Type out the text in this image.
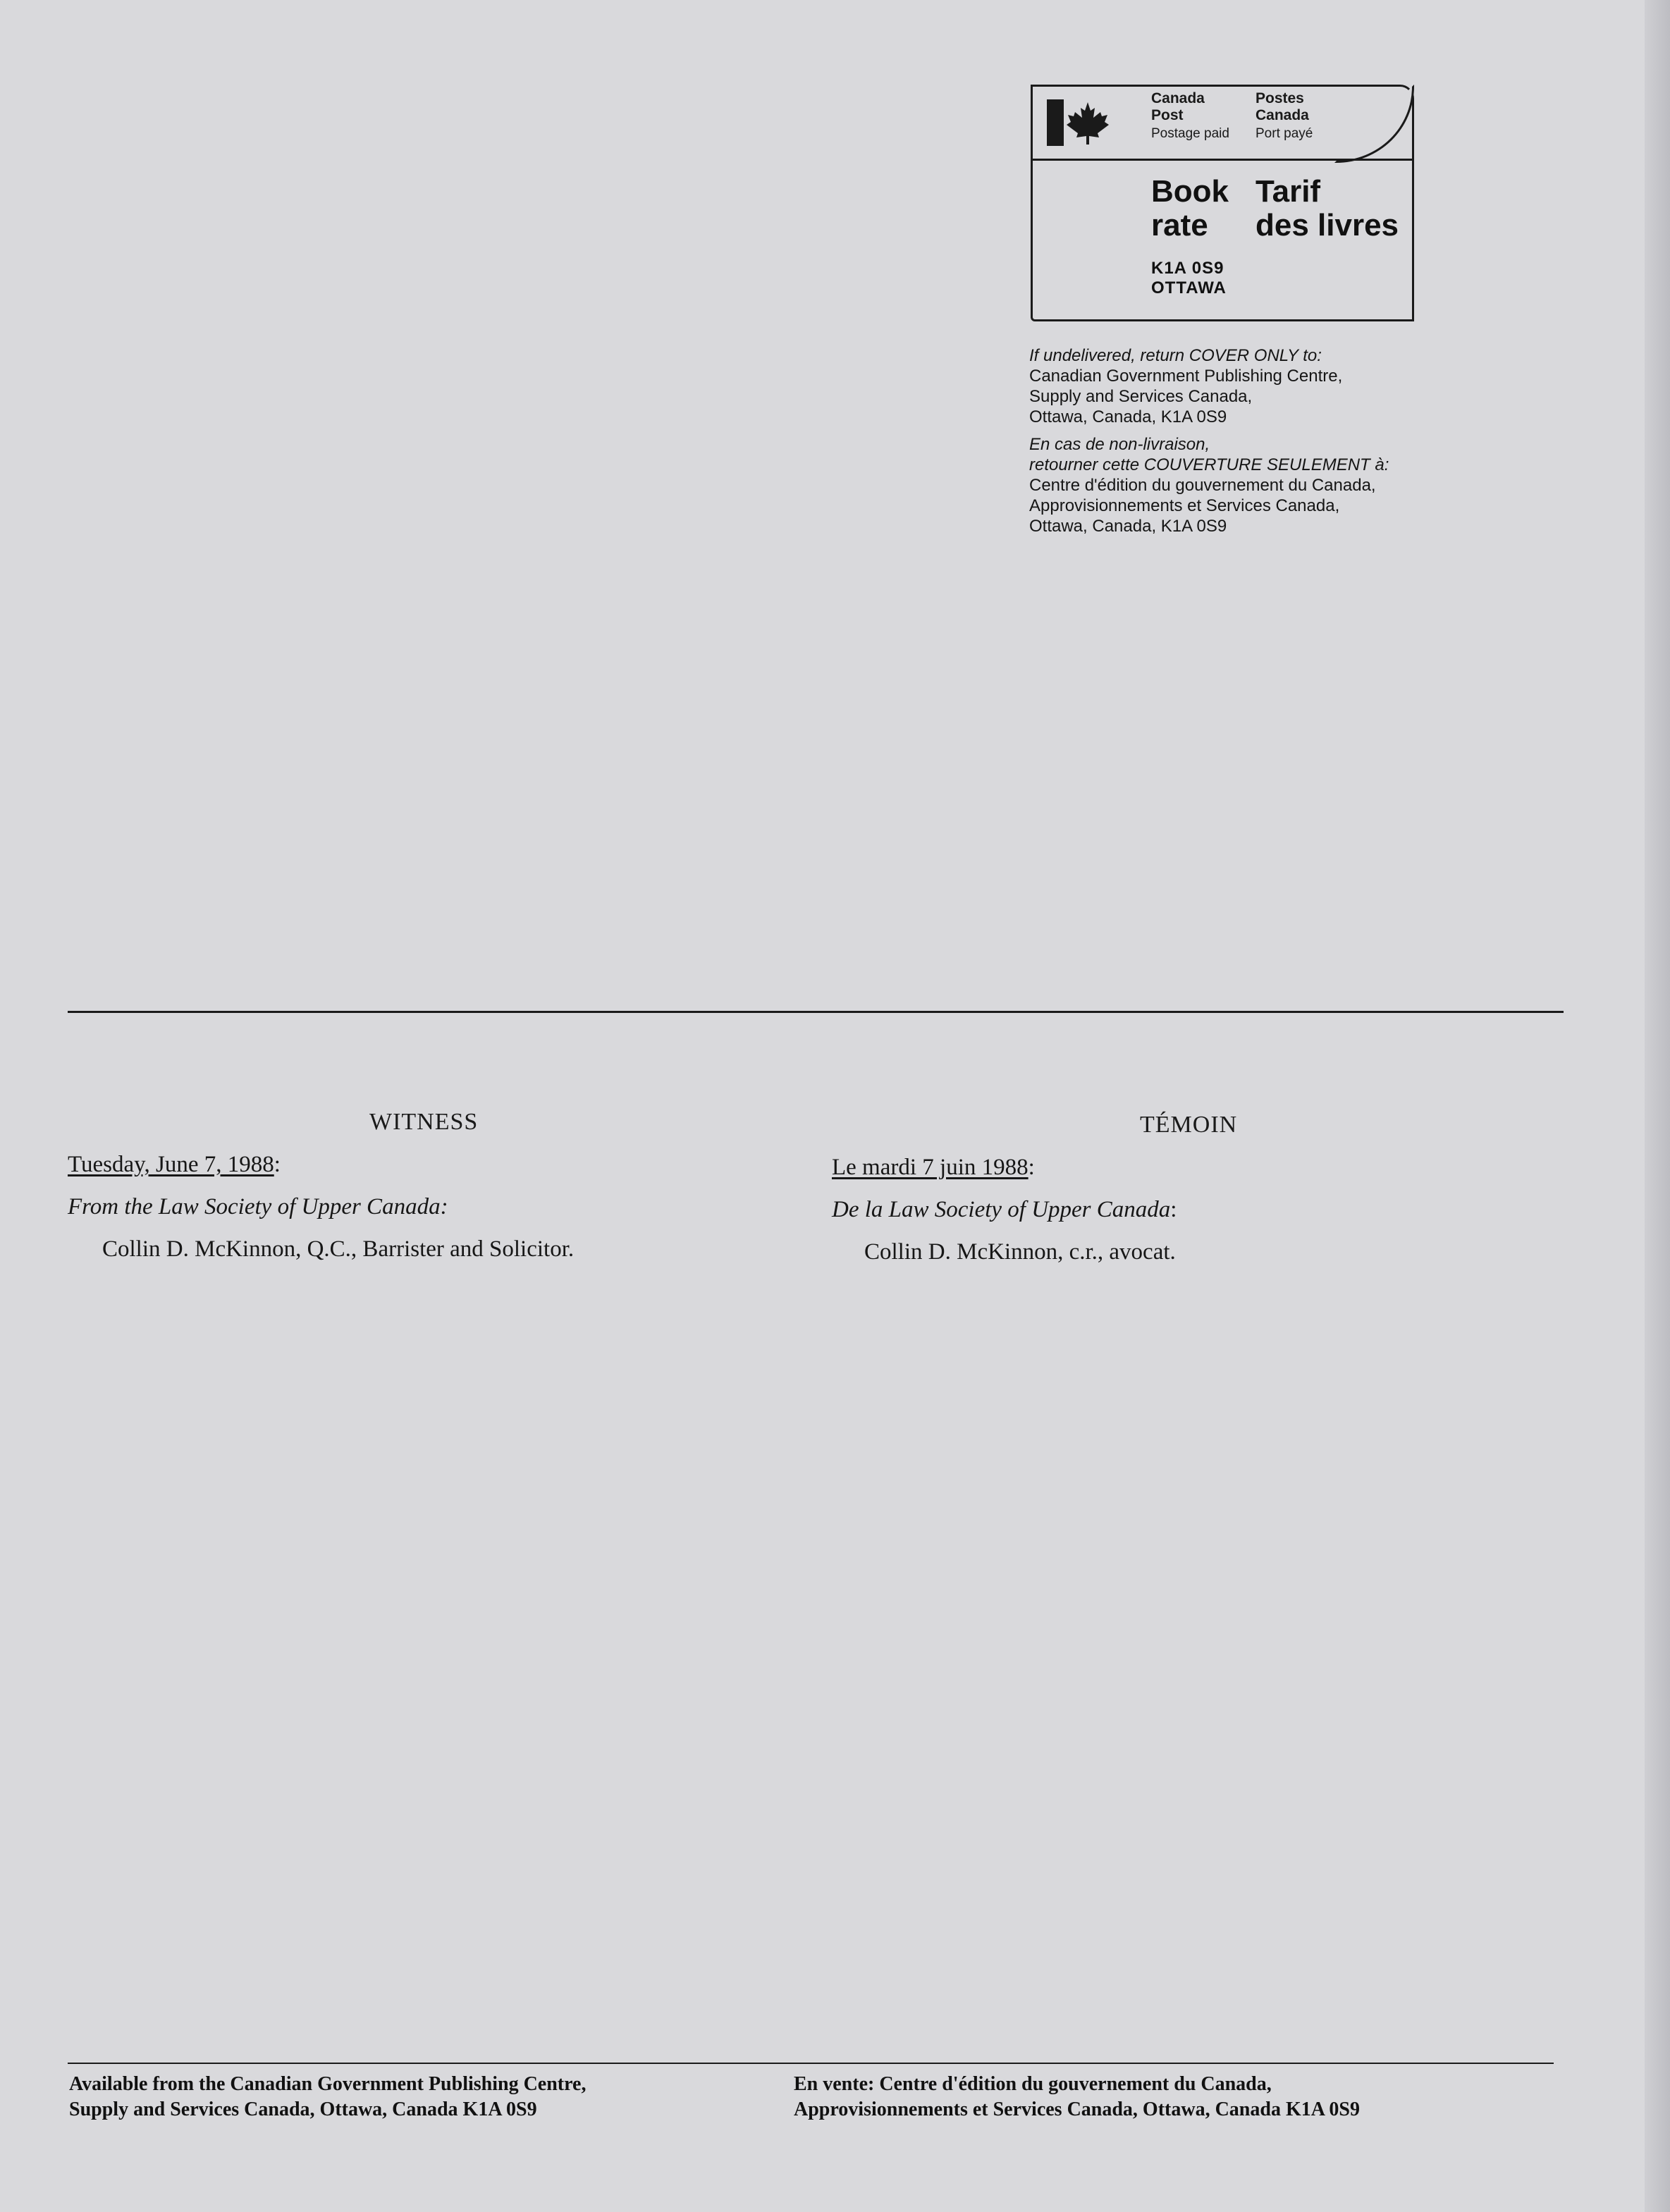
Canada
Post
Postage paid
Postes
Canada
Port payé
Book
rate
Tarif
des livres
K1A 0S9
OTTAWA
If undelivered, return COVER ONLY to:
Canadian Government Publishing Centre,
Supply and Services Canada,
Ottawa, Canada, K1A 0S9
En cas de non-livraison,
retourner cette COUVERTURE SEULEMENT à:
Centre d'édition du gouvernement du Canada,
Approvisionnements et Services Canada,
Ottawa, Canada, K1A 0S9
WITNESS
Tuesday, June 7, 1988:
From the Law Society of Upper Canada:
Collin D. McKinnon, Q.C., Barrister and Solicitor.
TÉMOIN
Le mardi 7 juin 1988:
De la Law Society of Upper Canada:
Collin D. McKinnon, c.r., avocat.
Available from the Canadian Government Publishing Centre,
Supply and Services Canada, Ottawa, Canada K1A 0S9
En vente: Centre d'édition du gouvernement du Canada,
Approvisionnements et Services Canada, Ottawa, Canada K1A 0S9
